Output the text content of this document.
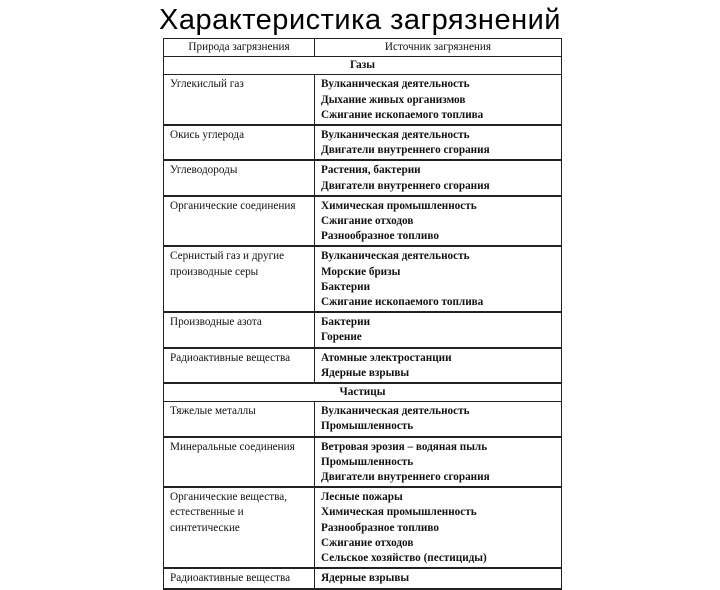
Характеристика загрязнений
Природа загрязнения	Источник загрязнения
Газы	
Углекислый газ	Вулканическая деятельность
Дыхание живых организмов
Сжигание ископаемого топлива

Окись углерода	Вулканическая деятельность
Двигатели внутреннего сгорания

Углеводороды	Растения, бактерии
Двигатели внутреннего сгорания

Органические соединения	Химическая промышленность
Сжигание отходов
Разнообразное топливо

Сернистый газ и другие производные серы	Вулканическая деятельность
Морские бризы
Бактерии
Сжигание ископаемого топлива

Производные азота	Бактерии
Горение

Радиоактивные вещества	Атомные электростанции
Ядерные взрывы

Частицы	
Тяжелые металлы	Вулканическая деятельность
Промышленность

Минеральные соединения	Ветровая эрозия – водяная пыль
Промышленность
Двигатели внутреннего сгорания

Органические вещества, естественные и синтетические	Лесные пожары
Химическая промышленность
Разнообразное топливо
Сжигание отходов
Сельское хозяйство (пестициды)

Радиоактивные вещества	Ядерные взрывы
